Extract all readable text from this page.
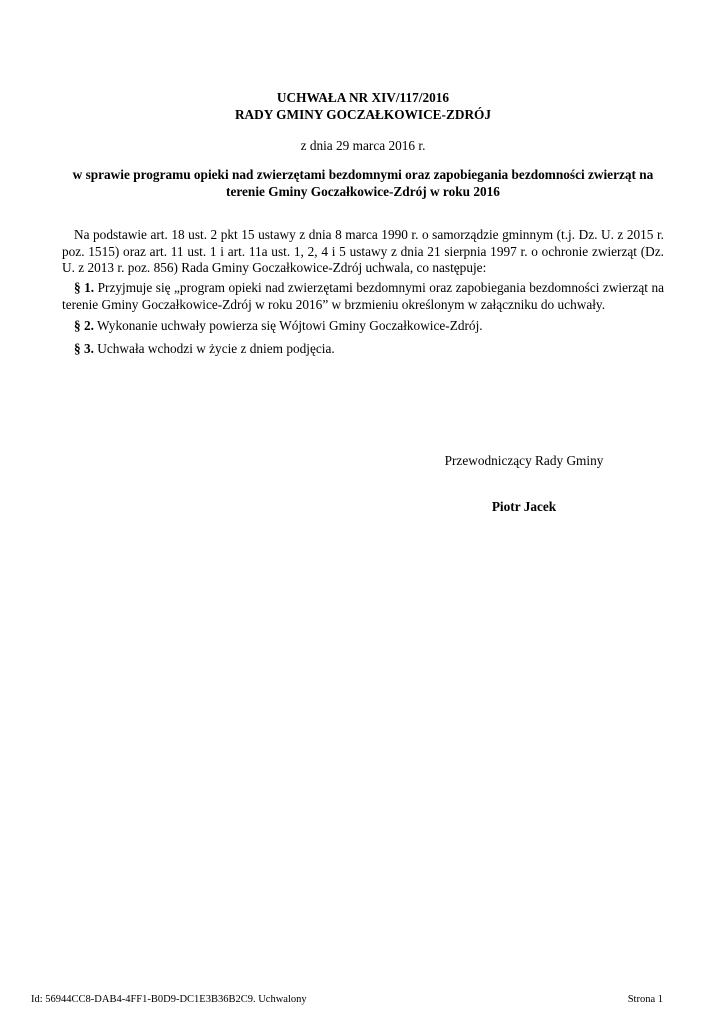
UCHWAŁA NR XIV/117/2016
RADY GMINY GOCZAŁKOWICE-ZDRÓJ
z dnia 29 marca 2016 r.
w sprawie programu opieki nad zwierzętami bezdomnymi oraz zapobiegania bezdomności zwierząt na
terenie Gminy Goczałkowice-Zdrój w roku 2016
Na podstawie art. 18 ust. 2 pkt 15 ustawy z dnia 8 marca 1990 r. o samorządzie gminnym (t.j. Dz. U. z 2015 r. poz. 1515) oraz art. 11 ust. 1 i art. 11a ust. 1, 2, 4 i 5 ustawy z dnia 21 sierpnia 1997 r. o ochronie zwierząt (Dz. U. z 2013 r. poz. 856) Rada Gminy Goczałkowice-Zdrój uchwala, co następuje:
§ 1. Przyjmuje się „program opieki nad zwierzętami bezdomnymi oraz zapobiegania bezdomności zwierząt na terenie Gminy Goczałkowice-Zdrój w roku 2016” w brzmieniu określonym w załączniku do uchwały.
§ 2. Wykonanie uchwały powierza się Wójtowi Gminy Goczałkowice-Zdrój.
§ 3. Uchwała wchodzi w życie z dniem podjęcia.
Przewodniczący Rady Gminy
Piotr Jacek
Id: 56944CC8-DAB4-4FF1-B0D9-DC1E3B36B2C9. Uchwalony	Strona 1
